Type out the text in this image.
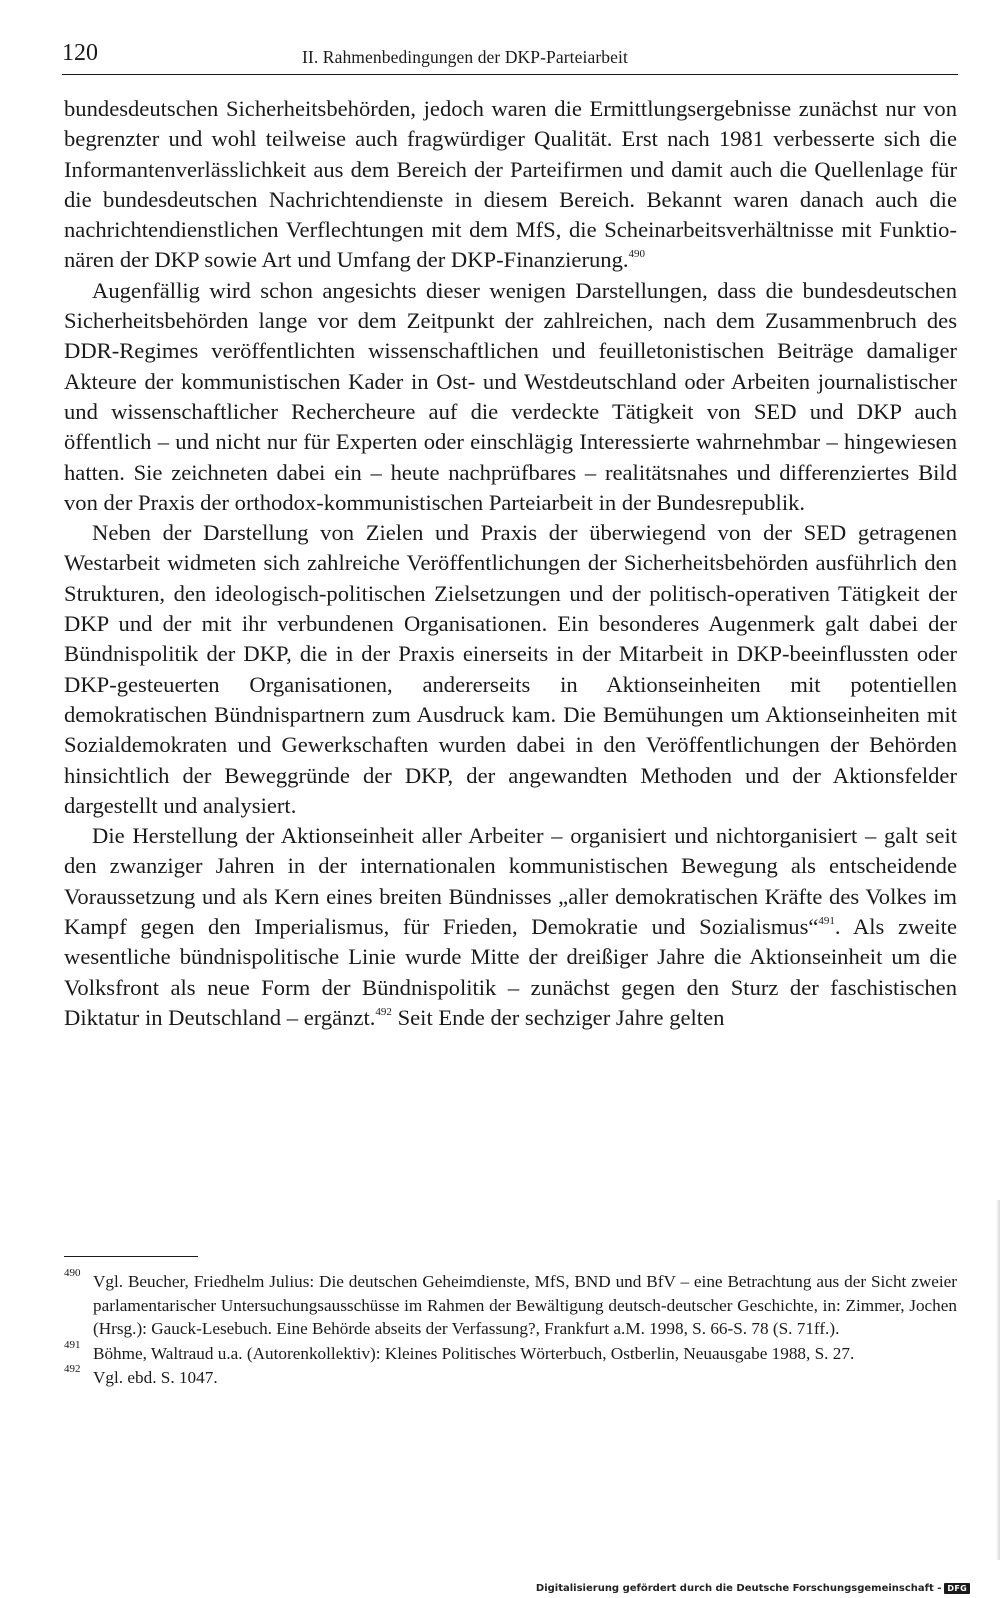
120	II. Rahmenbedingungen der DKP-Parteiarbeit

bundesdeutschen Sicherheitsbehörden, jedoch waren die Ermittlungsergebnisse zunächst nur von begrenzter und wohl teilweise auch fragwürdiger Qualität. Erst nach 1981 verbesserte sich die Informantenverlässlichkeit aus dem Bereich der Parteifirmen und damit auch die Quellenlage für die bundesdeutschen Nachrichtendienste in diesem Bereich. Bekannt waren danach auch die nachrichtendienstlichen Verflechtungen mit dem MfS, die Scheinarbeitsverhältnisse mit Funktionären der DKP sowie Art und Umfang der DKP-Finanzierung.$^{490}$

Augenfällig wird schon angesichts dieser wenigen Darstellungen, dass die bundesdeutschen Sicherheitsbehörden lange vor dem Zeitpunkt der zahlreichen, nach dem Zusammenbruch des DDR-Regimes veröffentlichten wissenschaftlichen und feuilletonistischen Beiträge damaliger Akteure der kommunistischen Kader in Ost- und Westdeutschland oder Arbeiten journalistischer und wissenschaftlicher Rechercheure auf die verdeckte Tätigkeit von SED und DKP auch öffentlich – und nicht nur für Experten oder einschlägig Interessierte wahrnehmbar – hingewiesen hatten. Sie zeichneten dabei ein – heute nachprüfbares – realitätsnahes und differenziertes Bild von der Praxis der orthodox-kommunistischen Parteiarbeit in der Bundesrepublik.

Neben der Darstellung von Zielen und Praxis der überwiegend von der SED getragenen Westarbeit widmeten sich zahlreiche Veröffentlichungen der Sicherheitsbehörden ausführlich den Strukturen, den ideologisch-politischen Zielsetzungen und der politisch-operativen Tätigkeit der DKP und der mit ihr verbundenen Organisationen. Ein besonderes Augenmerk galt dabei der Bündnispolitik der DKP, die in der Praxis einerseits in der Mitarbeit in DKP-beeinflussten oder DKP-gesteuerten Organisationen, andererseits in Aktionseinheiten mit potentiellen demokratischen Bündnispartnern zum Ausdruck kam. Die Bemühungen um Aktionseinheiten mit Sozialdemokraten und Gewerkschaften wurden dabei in den Veröffentlichungen der Behörden hinsichtlich der Beweggründe der DKP, der angewandten Methoden und der Aktionsfelder dargestellt und analysiert.

Die Herstellung der Aktionseinheit aller Arbeiter – organisiert und nichtorganisiert – galt seit den zwanziger Jahren in der internationalen kommunistischen Bewegung als entscheidende Voraussetzung und als Kern eines breiten Bündnisses „aller demokratischen Kräfte des Volkes im Kampf gegen den Imperialismus, für Frieden, Demokratie und Sozialismus“$^{491}$. Als zweite wesentliche bündnispolitische Linie wurde Mitte der dreißiger Jahre die Aktionseinheit um die Volksfront als neue Form der Bündnispolitik – zunächst gegen den Sturz der faschistischen Diktatur in Deutschland – ergänzt.$^{492}$ Seit Ende der sechziger Jahre gelten

490 Vgl. Beucher, Friedhelm Julius: Die deutschen Geheimdienste, MfS, BND und BfV – eine Betrachtung aus der Sicht zweier parlamentarischer Untersuchungsausschüsse im Rahmen der Bewältigung deutsch-deutscher Geschichte, in: Zimmer, Jochen (Hrsg.): Gauck-Lesebuch. Eine Behörde abseits der Verfassung?, Frankfurt a.M. 1998, S. 66-S. 78 (S. 71ff.).
491 Böhme, Waltraud u.a. (Autorenkollektiv): Kleines Politisches Wörterbuch, Ostberlin, Neuausgabe 1988, S. 27.
492 Vgl. ebd. S. 1047.
Digitalisierung gefördert durch die Deutsche Forschungsgemeinschaft - DFG
